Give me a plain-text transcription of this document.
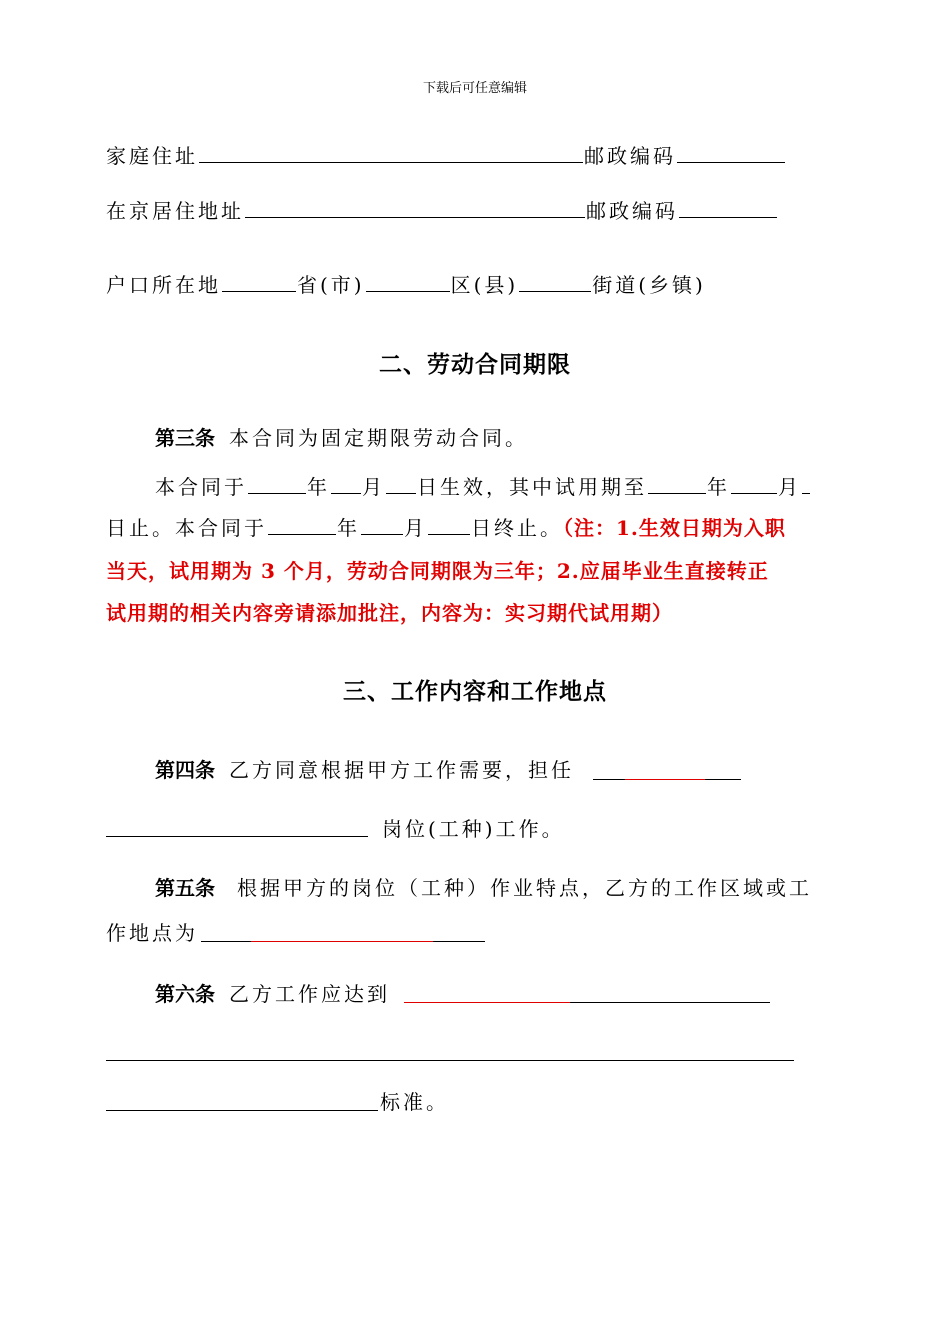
下载后可任意编辑
家庭住址	邮政编码
在京居住地址	邮政编码
户口所在地	省(市)	区(县)	街道(乡镇)
二、劳动合同期限
第三条 本合同为固定期限劳动合同。
本合同于	年 月 日生效，其中试用期至	年 月
日止。本合同于	年 月 日终止。（注：1.生效日期为入职
当天，试用期为 3 个月，劳动合同期限为三年；2.应届毕业生直接转正
试用期的相关内容旁请添加批注，内容为：实习期代试用期）
三、工作内容和工作地点
第四条 乙方同意根据甲方工作需要，担任
岗位(工种)工作。
第五条 根据甲方的岗位（工种）作业特点，乙方的工作区域或工
作地点为
第六条 乙方工作应达到
标准。
